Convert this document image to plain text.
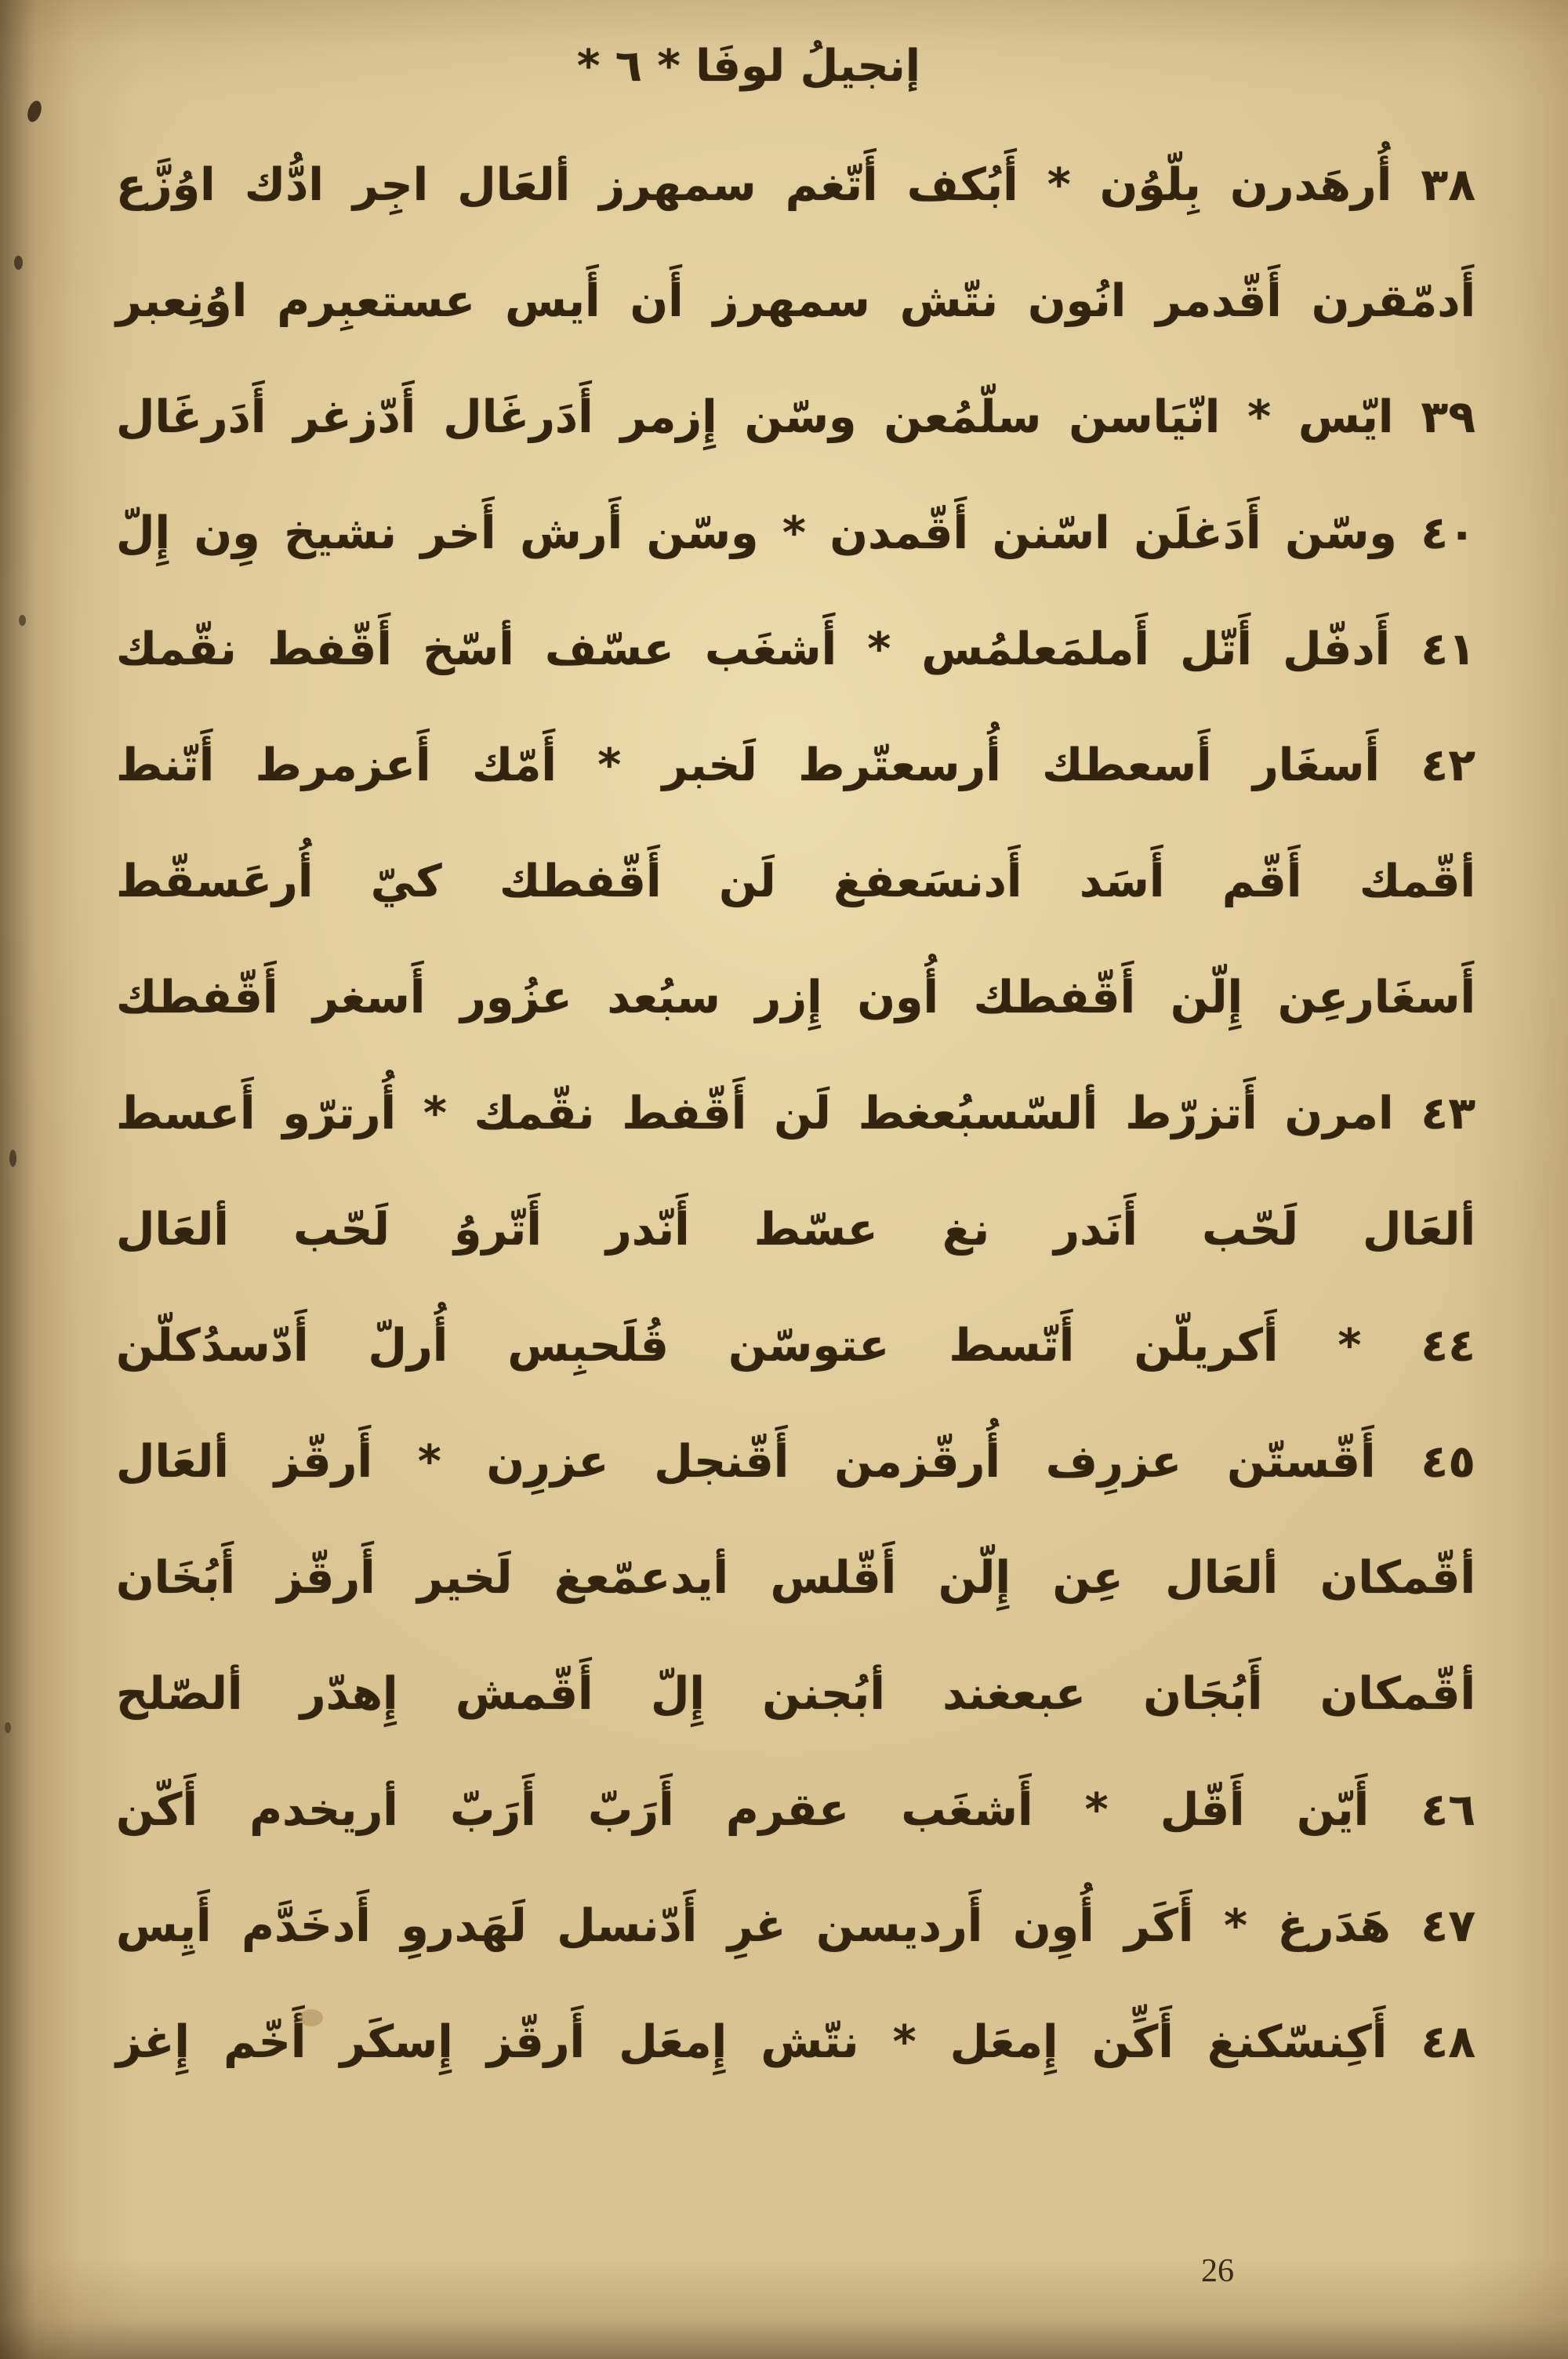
إنجيلُ لوفَا * ٦ *
٣٨ أُرهَدرن بِلّوُن * أَبُكف أَتّغم سمهرز ألعَال اجِر ادُّك اوُزَّع
أَدمّقرن أَقّدمر انُون نتّش سمهرز أَن أَيس عستعبِرم اوُنِعبر
٣٩ ايّس * انّيَاسن سلّمُعن وسّن إِزمر أَدَرغَال أَدّزغر أَدَرغَال
٤٠ وسّن أَدَغلَن اسّنن أَقّمدن * وسّن أَرش أَخر نشيخ وِن إِلّ
٤١ أَدفّل أَتّل أَملمَعلمُس * أَشغَب عسّف أسّخ أَقّفط نقّمك
٤٢ أَسغَار أَسعطك أُرسعتّرط لَخبر * أَمّك أَعزمرط أَتّنط
أقّمك أَقّم أَسَد أَدنسَعفغ لَن أَقّفطك كيّ أُرعَسقّط
أَسغَارعِن إِلّن أَقّفطك أُون إِزر سبُعد عزُور أَسغر أَقّفطك
٤٣ امرن أَتزرّط ألسّسبُعغط لَن أَقّفط نقّمك * أُرترّو أَعسط
ألعَال لَحّب أَنَدر نغ عسّط أَنّدر أَتّروُ لَحّب ألعَال
٤٤ * أَكريلّن أَتّسط عتوسّن قُلَحبِس أُرلّ أَدّسدُكلّن
٤٥ أَقّستّن عزرِف أُرقّزمن أَقّنجل عزرِن * أَرقّز ألعَال
أقّمكان ألعَال عِن إِلّن أَقّلس أيدعمّعغ لَخير أَرقّز أَبُخَان
أقّمكان أَبُجَان عبعغند أبُجنن إِلّ أَقّمش إِهدّر ألصّلح
٤٦ أَيّن أَقّل * أَشغَب عقرم أَرَبّ أَرَبّ أريخدم أَكّن
٤٧ هَدَرغ * أَكَر أُوِن أَرديسن غرِ أَدّنسل لَهَدروِ أَدخَدَّم أَيِس
٤٨ أَكِنسّكنغ أَكِّن إِمعَل * نتّش إِمعَل أَرقّز إِسكَر أَخّم إِغز
26
